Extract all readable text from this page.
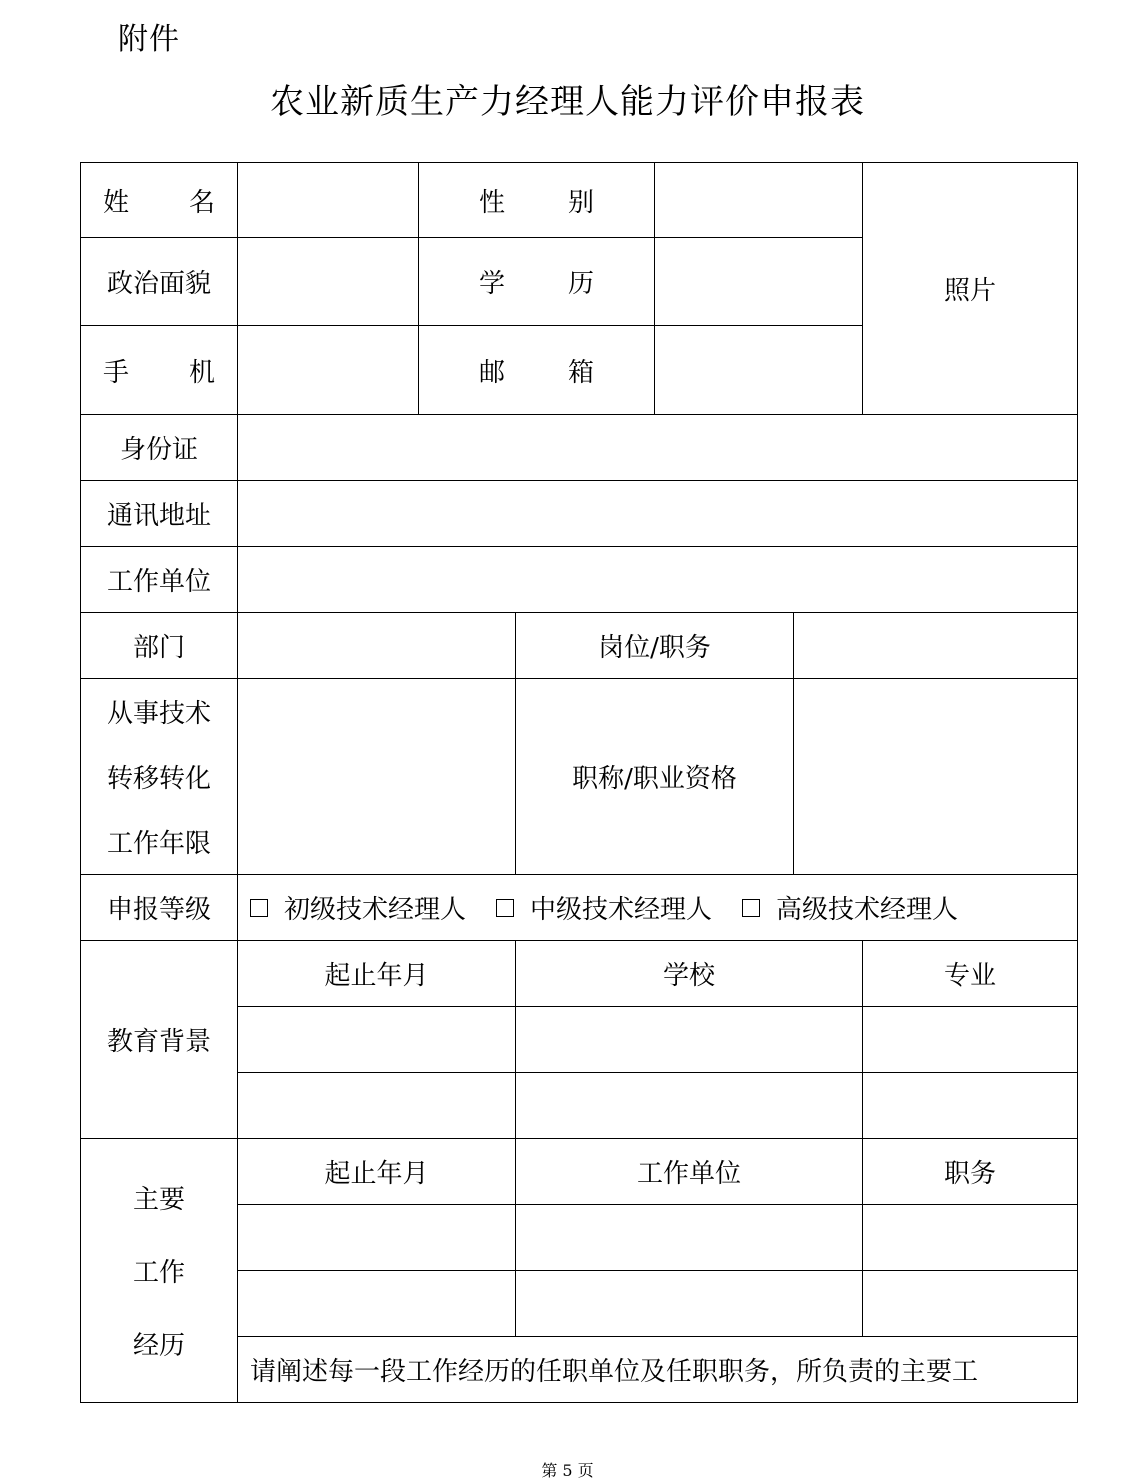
附件
农业新质生产力经理人能力评价申报表
姓 名		性 别				照片
政治面貌		学 历				

手 机		邮 箱				

身份证						
通讯地址						
工作单位						
部门			岗位/职务			

从事技术
转移转化
工作年限			职称/职业资格			
申报等级	初级技术经理人 中级技术经理人 高级技术经理人					

教育背景	起止年月		学校			专业

主要
工作
经历	起止年月		工作单位			职务

	请阐述每一段工作经历的任职单位及任职职务，所负责的主要工					
第 5 页
